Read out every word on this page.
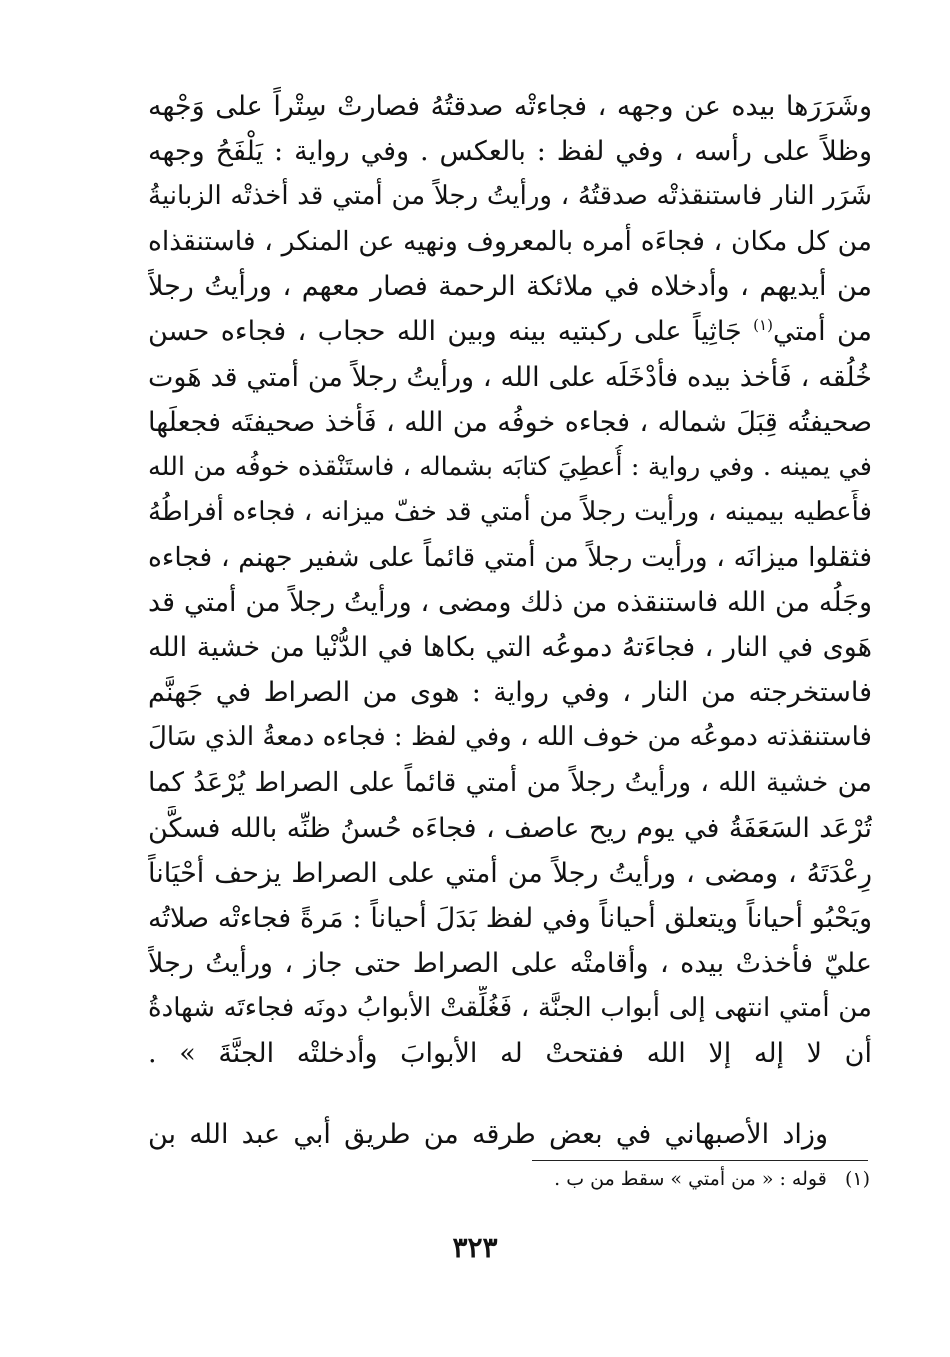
وشَرَرَها بيده عن وجهه ، فجاءتْه صدقتُهُ فصارتْ سِتْراً على وَجْهه
وظلاً على رأسه ، وفي لفظ : بالعكس . وفي رواية : يَلْفَحُ وجهه
شَرَر النار فاستنقذتْه صدقتُهُ ، ورأيتُ رجلاً من أمتي قد أخذتْه الزبانيةُ
من كل مكان ، فجاءَه أمره بالمعروف ونهيه عن المنكر ، فاستنقذاه
من أيديهم ، وأدخلاه في ملائكة الرحمة فصار معهم ، ورأيتُ رجلاً
من أمتي$^{(١)}$ جَاثِياً على ركبتيه بينه وبين الله حجاب ، فجاءه حسن
خُلُقه ، فَأخذ بيده فأدْخَلَه على الله ، ورأيتُ رجلاً من أمتي قد هَوت
صحيفتُه قِبَلَ شماله ، فجاءه خوفُه من الله ، فَأخذ صحيفتَه فجعلَها
في يمينه . وفي رواية : أُعطِيَ كتابَه بشماله ، فاستَنْقذه خوفُه من الله
فأَعطيه بيمينه ، ورأيت رجلاً من أمتي قد خفّ ميزانه ، فجاءه أفراطُهُ
فثقلوا ميزانَه ، ورأيت رجلاً من أمتي قائماً على شفير جهنم ، فجاءه
وجَلُه من الله فاستنقذه من ذلك ومضى ، ورأيتُ رجلاً من أمتي قد
هَوى في النار ، فجاءَتهُ دموعُه التي بكاها في الدُّنْيا من خشية الله
فاستخرجته من النار ، وفي رواية : هوى من الصراط في جَهنَّم
فاستنقذته دموعُه من خوف الله ، وفي لفظ : فجاءه دمعةُ الذي سَالَ
من خشية الله ، ورأيتُ رجلاً من أمتي قائماً على الصراط يُرْعَدُ كما
تُرْعَد السَعَفَةُ في يوم ريح عاصف ، فجاءَه حُسنُ ظنِّه بالله فسكَّن
رِعْدَتَهُ ، ومضى ، ورأيتُ رجلاً من أمتي على الصراط يزحف أحْيَاناً
ويَحْبُو أحياناً ويتعلق أحياناً وفي لفظ بَدَلَ أحياناً : مَرةً فجاءتْه صلاتُه
عليّ فأخذتْ بيده ، وأقامتْه على الصراط حتى جاز ، ورأيتُ رجلاً
من أمتي انتهى إلى أبواب الجنَّة ، فَغُلِّقتْ الأبوابُ دونَه فجاءتَه شهادةُ
أن لا إله إلا الله ففتحتْ له الأبوابَ وأدخلتْه الجنَّةَ » .
وزاد الأصبهاني في بعض طرقه من طريق أبي عبد الله بن
(١)   قوله : « من أمتي » سقط من ب .
٣٢٣
